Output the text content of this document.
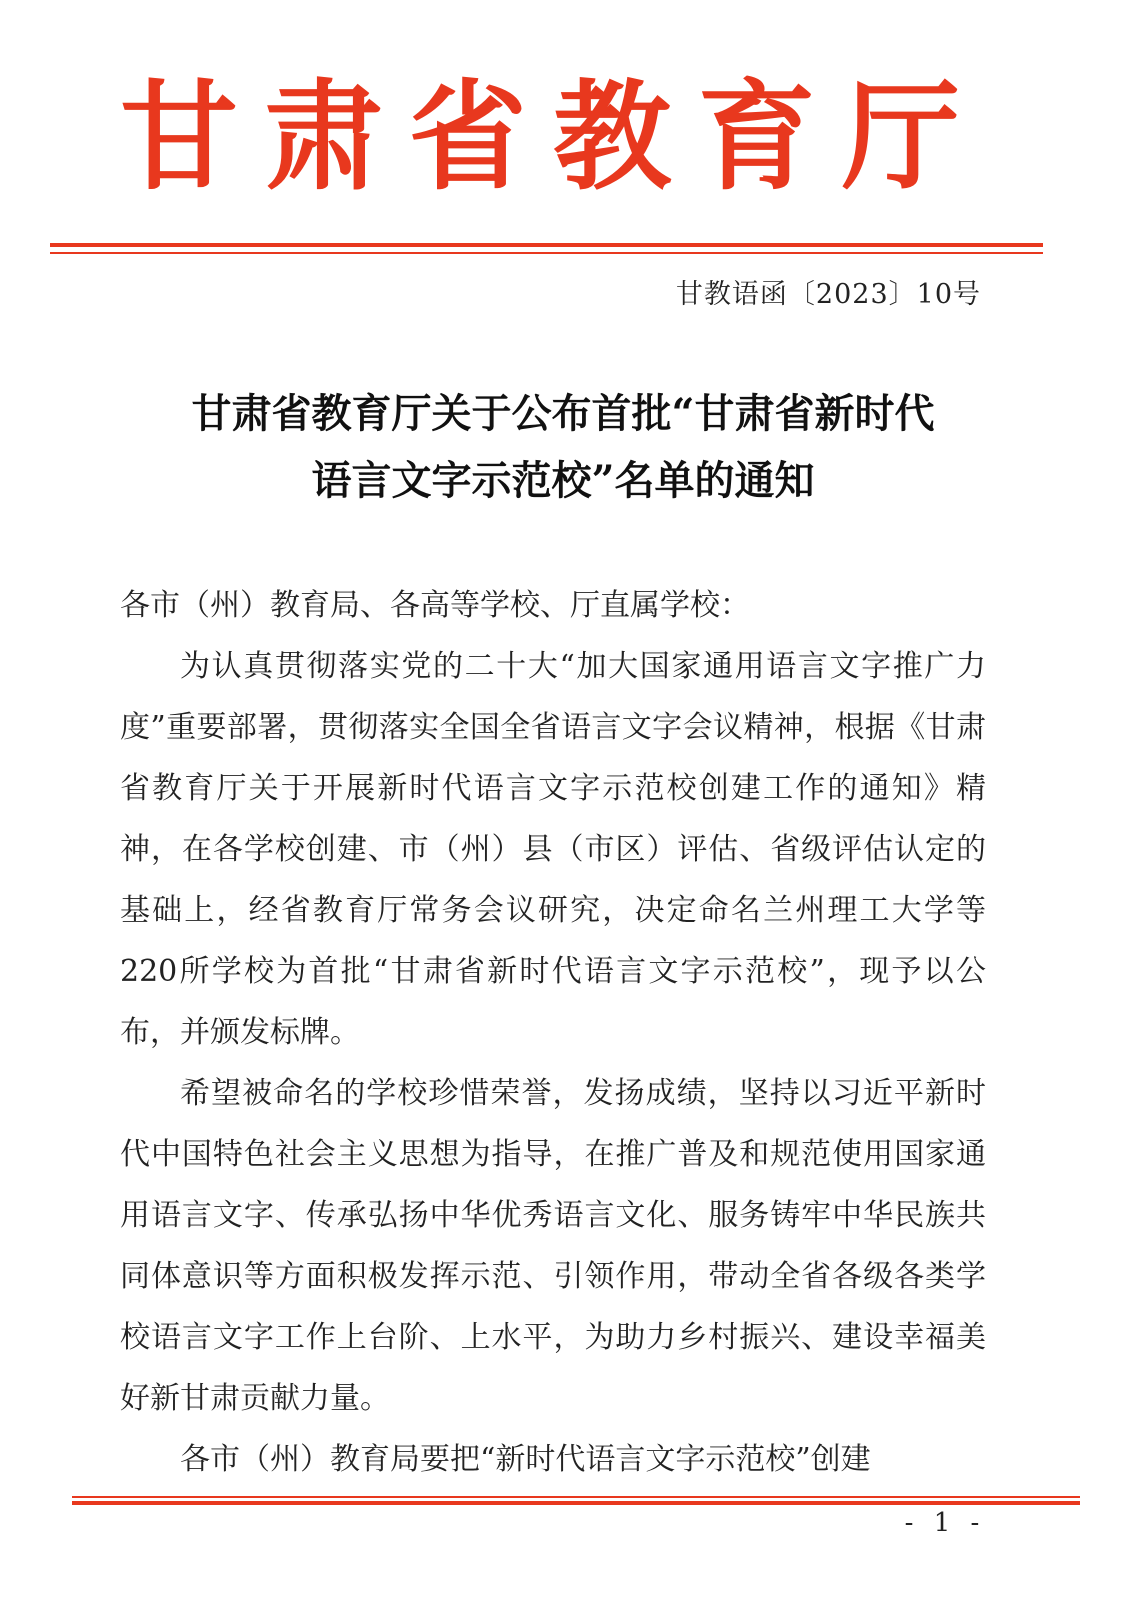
甘肃省教育厅
甘教语函〔2023〕10号
甘肃省教育厅关于公布首批“甘肃省新时代
语言文字示范校”名单的通知
各市（州）教育局、各高等学校、厅直属学校：

为认真贯彻落实党的二十大“加大国家通用语言文字推广力度”重要部署，贯彻落实全国全省语言文字会议精神，根据《甘肃省教育厅关于开展新时代语言文字示范校创建工作的通知》精神，在各学校创建、市（州）县（市区）评估、省级评估认定的基础上，经省教育厅常务会议研究，决定命名兰州理工大学等220所学校为首批“甘肃省新时代语言文字示范校”，现予以公布，并颁发标牌。

希望被命名的学校珍惜荣誉，发扬成绩，坚持以习近平新时代中国特色社会主义思想为指导，在推广普及和规范使用国家通用语言文字、传承弘扬中华优秀语言文化、服务铸牢中华民族共同体意识等方面积极发挥示范、引领作用，带动全省各级各类学校语言文字工作上台阶、上水平，为助力乡村振兴、建设幸福美好新甘肃贡献力量。

各市（州）教育局要把“新时代语言文字示范校”创建

- 1 -
